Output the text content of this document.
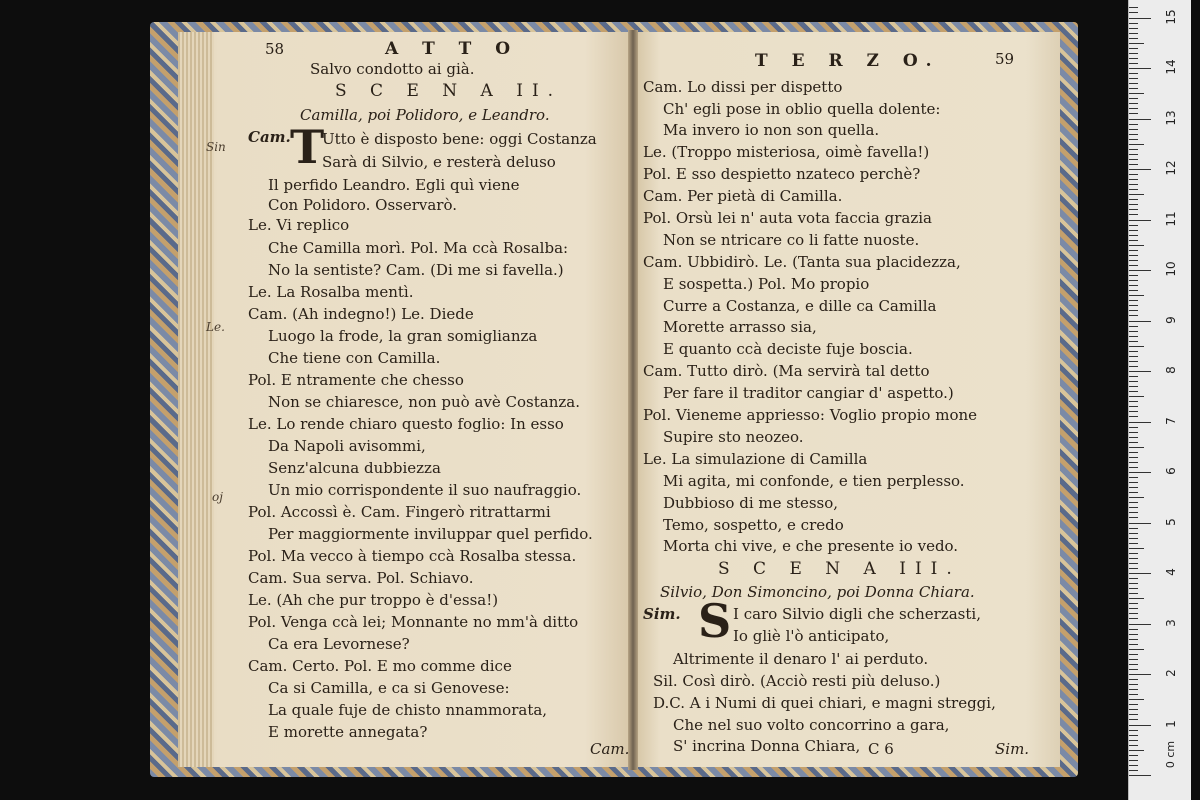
58	A T T O
Salvo condotto ai già.
S C E N A II.
Camilla, poi Polidoro, e Leandro.
Cam. T
Utto è disposto bene: oggi Costanza
Sarà di Silvio, e resterà deluso
Il perfido Leandro. Egli quì viene
Con Polidoro. Osservarò.
Le. Vi replico
Che Camilla morì. Pol. Ma ccà Rosalba:
No la sentiste? Cam. (Di me si favella.)
Le. La Rosalba mentì.
Cam. (Ah indegno!) Le. Diede
Luogo la frode, la gran somiglianza
Che tiene con Camilla.
Pol. E ntramente che chesso
Non se chiaresce, non può avè Costanza.
Le. Lo rende chiaro questo foglio: In esso
Da Napoli avisommi,
Senz'alcuna dubbiezza
Un mio corrispondente il suo naufraggio.
Pol. Accossì è. Cam. Fingerò ritrattarmi
Per maggiormente inviluppar quel perfido.
Pol. Ma vecco à tiempo ccà Rosalba stessa.
Cam. Sua serva. Pol. Schiavo.
Le. (Ah che pur troppo è d'essa!)
Pol. Venga ccà lei; Monnante no mm'à ditto
Ca era Levornese?
Cam. Certo. Pol. E mo comme dice
Ca si Camilla, e ca si Genovese:
La quale fuje de chisto nnammorata,
E morette annegata?
Cam.
Sin
Le.
oj
T E R Z O.	59
Cam. Lo dissi per dispetto
Ch' egli pose in oblio quella dolente:
Ma invero io non son quella.
Le. (Troppo misteriosa, oimè favella!)
Pol. E sso despietto nzateco perchè?
Cam. Per pietà di Camilla.
Pol. Orsù lei n' auta vota faccia grazia
Non se ntricare co li fatte nuoste.
Cam. Ubbidirò. Le. (Tanta sua placidezza,
E sospetta.) Pol. Mo propio
Curre a Costanza, e dille ca Camilla
Morette arrasso sia,
E quanto ccà deciste fuje boscia.
Cam. Tutto dirò. (Ma servirà tal detto
Per fare il traditor cangiar d' aspetto.)
Pol. Vieneme appriesso: Voglio propio mone
Supire sto neozeo.
Le. La simulazione di Camilla
Mi agita, mi confonde, e tien perplesso.
Dubbioso di me stesso,
Temo, sospetto, e credo
Morta chi vive, e che presente io vedo.
S C E N A III.
Silvio, Don Simoncino, poi Donna Chiara.
Sim. S I caro Silvio digli che scherzasti,
Io gliè l'ò anticipato,
Altrimente il denaro l' ai perduto.
Sil. Così dirò. (Acciò resti più deluso.)
D.C. A i Numi di quei chiari, e magni streggi,
Che nel suo volto concorrino a gara,
S' incrina Donna Chiara, C 6	Sim.
1
2
3
4
5
6
7
8
9
10
11
12
13
14
15
0 cm
